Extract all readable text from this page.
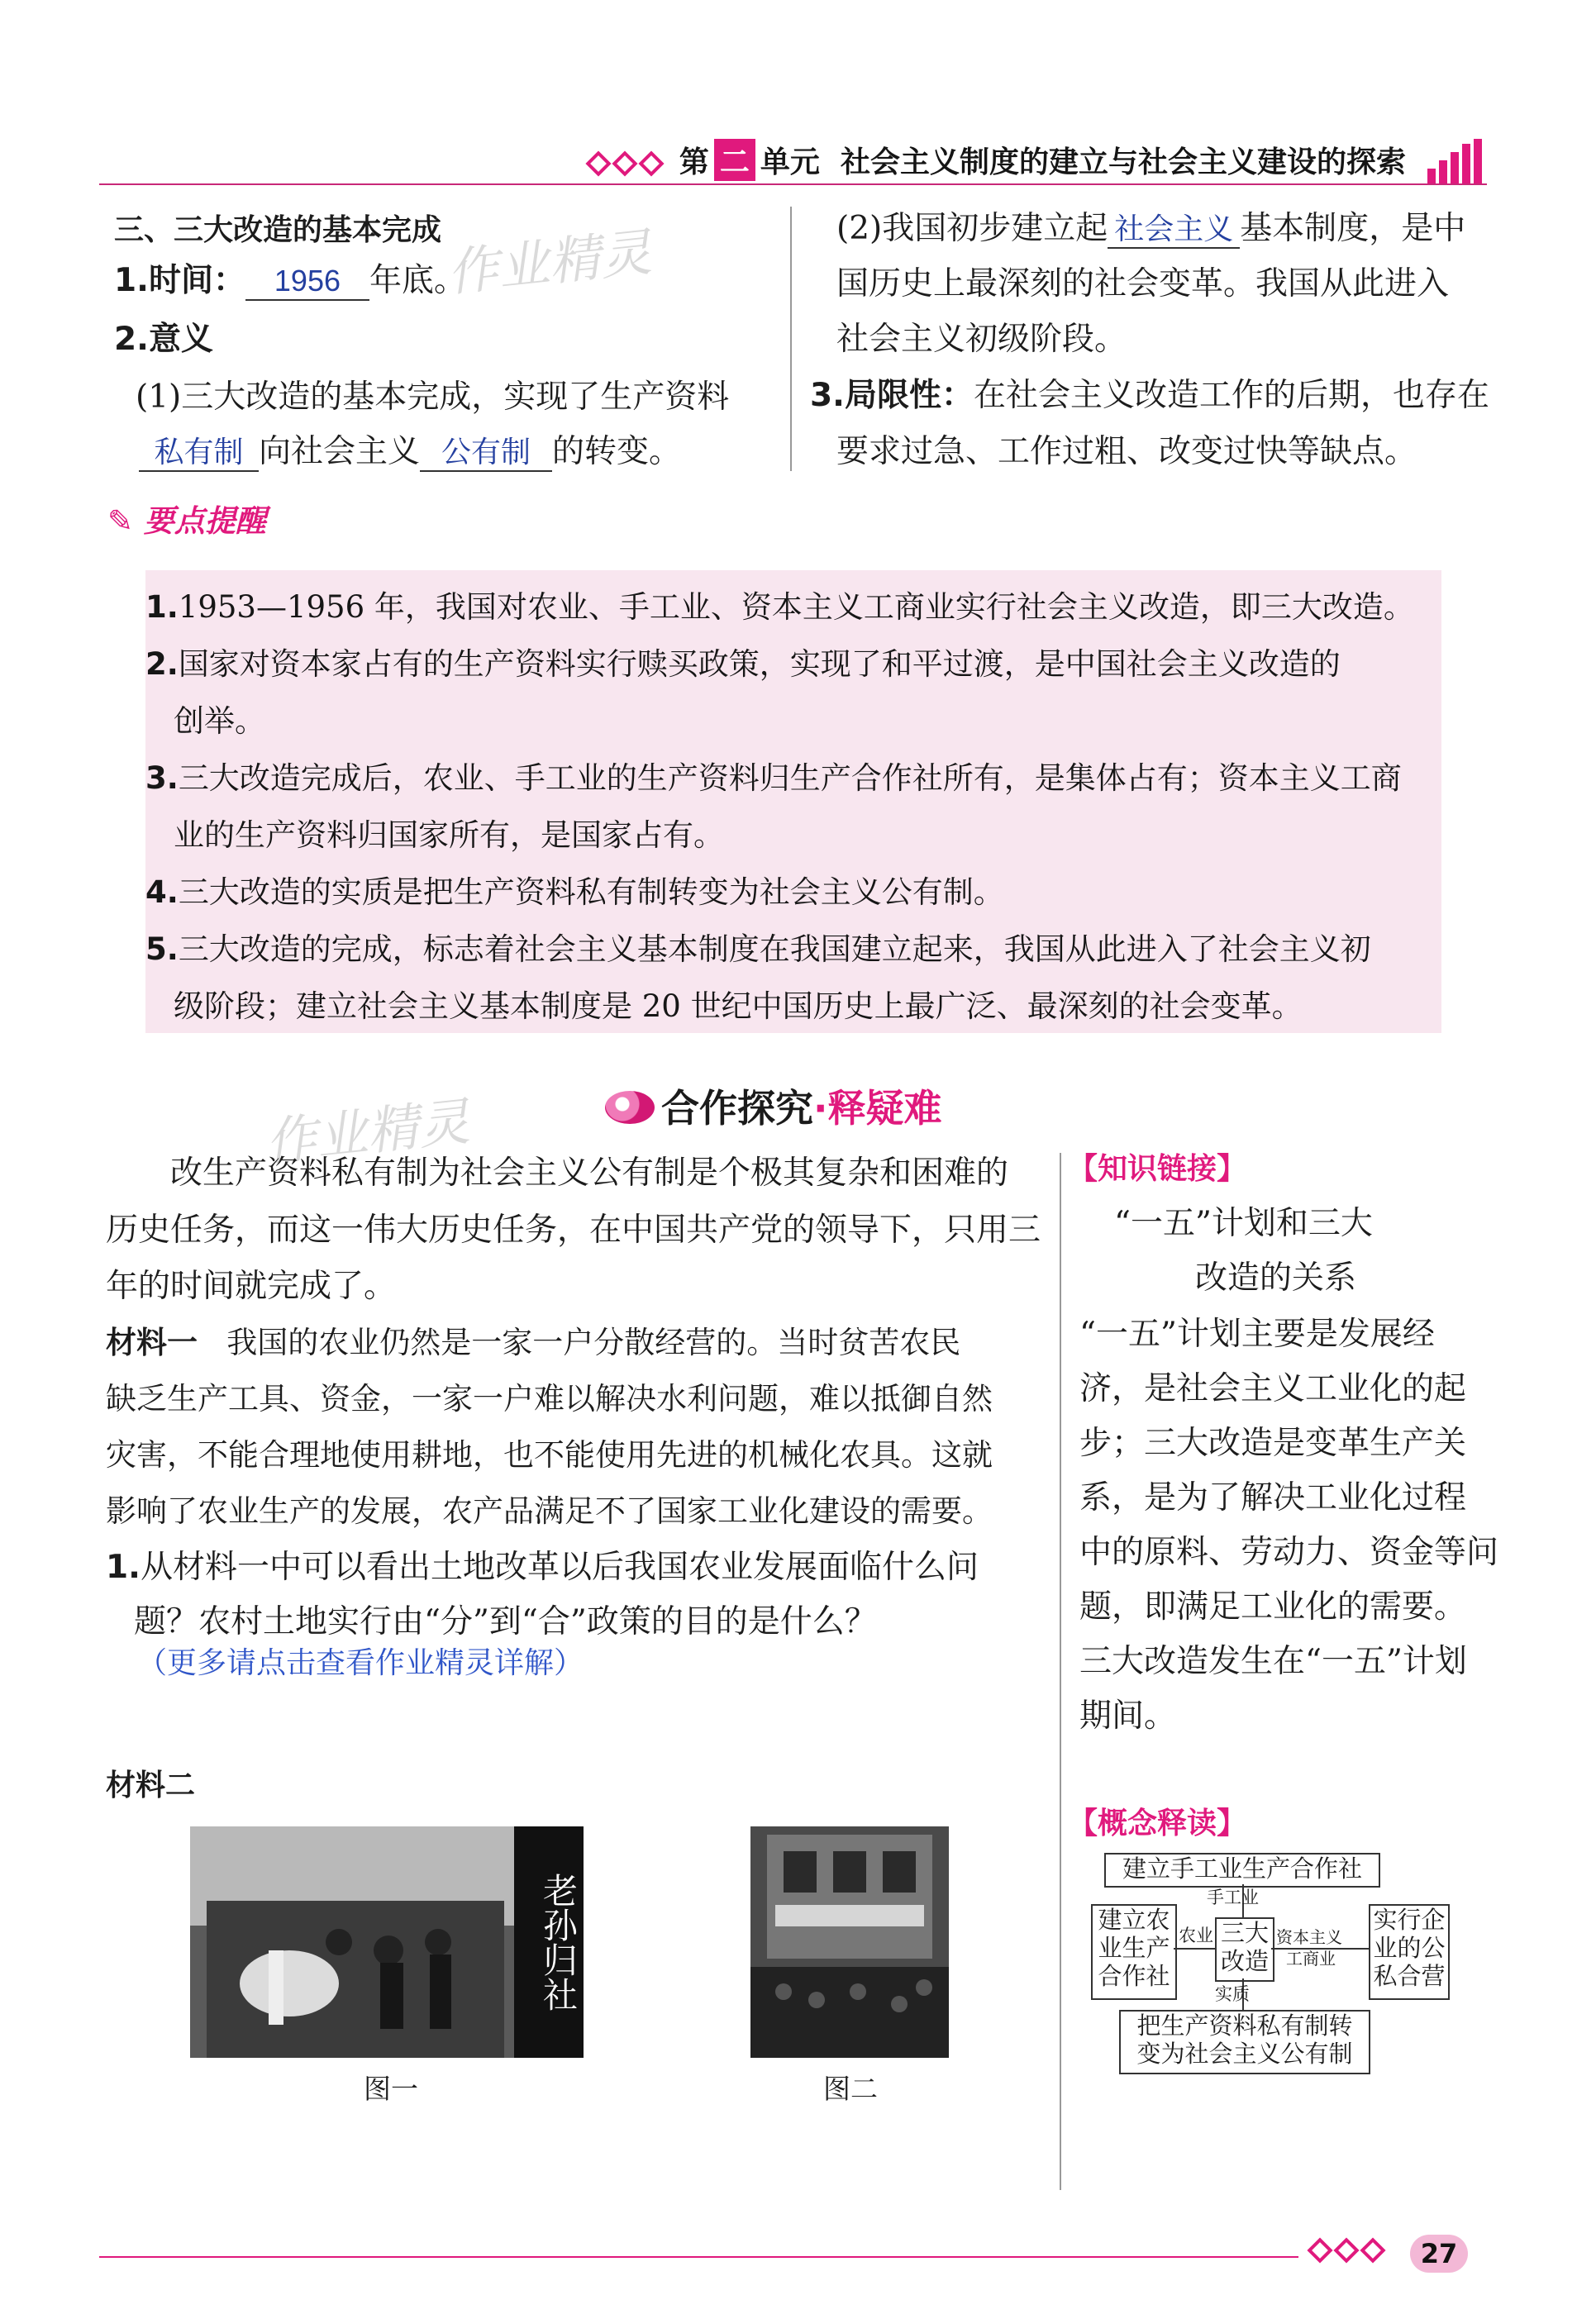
第 二 单元 社会主义制度的建立与社会主义建设的探索
三、三大改造的基本完成 作业精灵
1.时间： 1956 年底。
2.意义
(1)三大改造的基本完成，实现了生产资料
私有制 向社会主义 公有制 的转变。
(2)我国初步建立起 社会主义 基本制度，是中
国历史上最深刻的社会变革。我国从此进入
社会主义初级阶段。
3.局限性：在社会主义改造工作的后期，也存在
要求过急、工作过粗、改变过快等缺点。
✎ 要点提醒
1.1953—1956 年，我国对农业、手工业、资本主义工商业实行社会主义改造，即三大改造。
2.国家对资本家占有的生产资料实行赎买政策，实现了和平过渡，是中国社会主义改造的
创举。
3.三大改造完成后，农业、手工业的生产资料归生产合作社所有，是集体占有；资本主义工商
业的生产资料归国家所有，是国家占有。
4.三大改造的实质是把生产资料私有制转变为社会主义公有制。
5.三大改造的完成，标志着社会主义基本制度在我国建立起来，我国从此进入了社会主义初
级阶段；建立社会主义基本制度是 20 世纪中国历史上最广泛、最深刻的社会变革。
合作探究·释疑难
作业精灵
改生产资料私有制为社会主义公有制是个极其复杂和困难的
历史任务，而这一伟大历史任务，在中国共产党的领导下，只用三
年的时间就完成了。
材料一 我国的农业仍然是一家一户分散经营的。当时贫苦农民
缺乏生产工具、资金，一家一户难以解决水利问题，难以抵御自然
灾害，不能合理地使用耕地，也不能使用先进的机械化农具。这就
影响了农业生产的发展，农产品满足不了国家工业化建设的需要。
1.从材料一中可以看出土地改革以后我国农业发展面临什么问
题？农村土地实行由“分”到“合”政策的目的是什么？
（更多请点击查看作业精灵详解）
材料二
老孙归社
图一	图二
【知识链接】
“一五”计划和三大
改造的关系
“一五”计划主要是发展经
济，是社会主义工业化的起
步；三大改造是变革生产关
系，是为了解决工业化过程
中的原料、劳动力、资金等问
题，即满足工业化的需要。
三大改造发生在“一五”计划
期间。
【概念释读】
建立手工业生产合作社
建立农
业生产
合作社
三大
改造
实行企
业的公
私合营
把生产资料私有制转
变为社会主义公有制
手工业
农业	资本主义
工商业
实质
27
